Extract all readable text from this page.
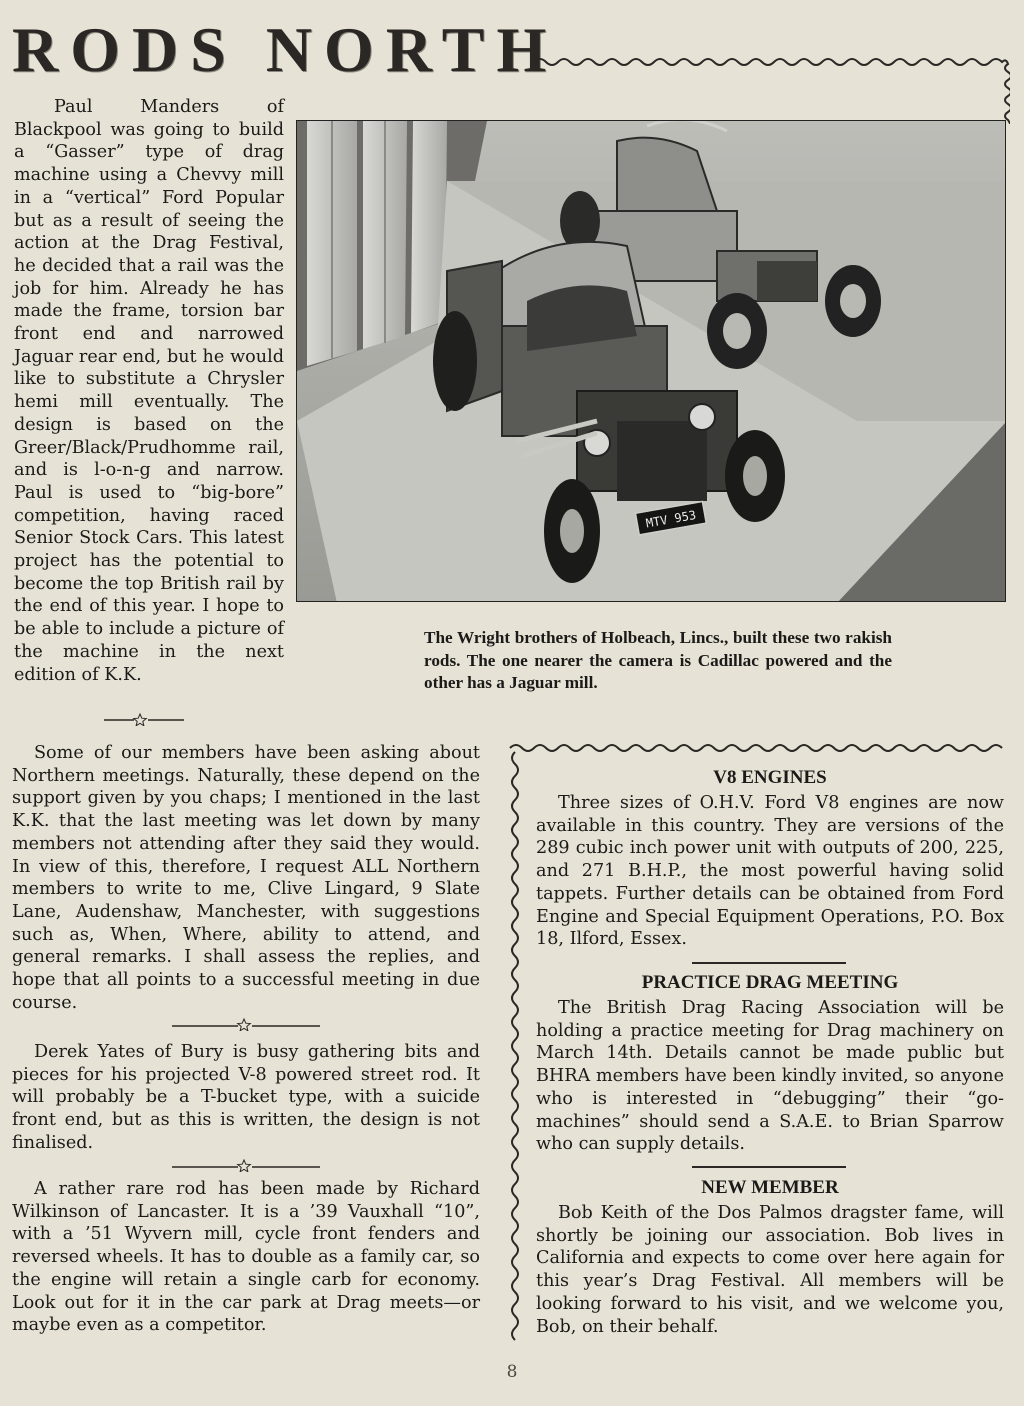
RODS NORTH

Paul Manders of Blackpool was going to build a “Gasser” type of drag machine using a Chevvy mill in a “vertical” Ford Popular but as a result of seeing the action at the Drag Festival, he decided that a rail was the job for him. Already he has made the frame, torsion bar front end and narrowed Jaguar rear end, but he would like to substitute a Chrysler hemi mill eventually. The design is based on the Greer/Black/Prudhomme rail, and is l-o-n-g and narrow. Paul is used to “big-bore” competition, having raced Senior Stock Cars. This latest project has the potential to become the top British rail by the end of this year. I hope to be able to include a picture of the machine in the next edition of K.K.

MTV 953
The Wright brothers of Holbeach, Lincs., built these two rakish rods. The one nearer the camera is Cadillac powered and the other has a Jaguar mill.

Some of our members have been asking about Northern meetings. Naturally, these depend on the support given by you chaps; I mentioned in the last K.K. that the last meeting was let down by many members not attending after they said they would. In view of this, therefore, I request ALL Northern members to write to me, Clive Lingard, 9 Slate Lane, Audenshaw, Manchester, with suggestions such as, When, Where, ability to attend, and general remarks. I shall assess the replies, and hope that all points to a successful meeting in due course.

Derek Yates of Bury is busy gathering bits and pieces for his projected V-8 powered street rod. It will probably be a T-bucket type, with a suicide front end, but as this is written, the design is not finalised.

A rather rare rod has been made by Richard Wilkinson of Lancaster. It is a ’39 Vauxhall “10”, with a ’51 Wyvern mill, cycle front fenders and reversed wheels. It has to double as a family car, so the engine will retain a single carb for economy. Look out for it in the car park at Drag meets—or maybe even as a competitor.

V8 ENGINES

Three sizes of O.H.V. Ford V8 engines are now available in this country. They are versions of the 289 cubic inch power unit with outputs of 200, 225, and 271 B.H.P., the most powerful having solid tappets. Further details can be obtained from Ford Engine and Special Equipment Operations, P.O. Box 18, Ilford, Essex.

PRACTICE DRAG MEETING

The British Drag Racing Association will be holding a practice meeting for Drag machinery on March 14th. Details cannot be made public but BHRA members have been kindly invited, so anyone who is interested in “debugging” their “go-machines” should send a S.A.E. to Brian Sparrow who can supply details.

NEW MEMBER

Bob Keith of the Dos Palmos dragster fame, will shortly be joining our association. Bob lives in California and expects to come over here again for this year’s Drag Festival. All members will be looking forward to his visit, and we welcome you, Bob, on their behalf.

8
